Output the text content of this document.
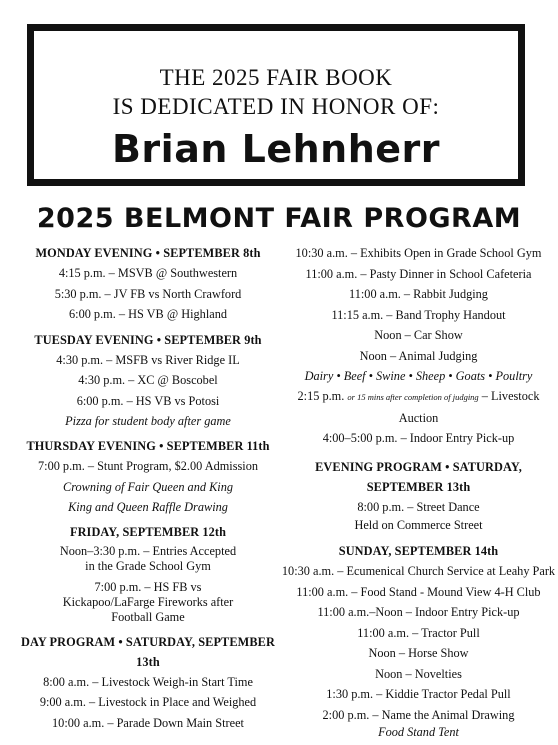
THE 2025 FAIR BOOK
IS DEDICATED IN HONOR OF:
Brian Lehnherr
2025 BELMONT FAIR PROGRAM
MONDAY EVENING • SEPTEMBER 8th
4:15 p.m. – MSVB @ Southwestern
5:30 p.m. – JV FB vs North Crawford
6:00 p.m. – HS VB @ Highland
TUESDAY EVENING • SEPTEMBER 9th
4:30 p.m. – MSFB vs River Ridge IL
4:30 p.m. – XC @ Boscobel
6:00 p.m. – HS VB vs Potosi
Pizza for student body after game
THURSDAY EVENING • SEPTEMBER 11th
7:00 p.m. – Stunt Program, $2.00 Admission
Crowning of Fair Queen and King
King and Queen Raffle Drawing
FRIDAY, SEPTEMBER 12th
Noon–3:30 p.m. – Entries Accepted in the Grade School Gym
7:00 p.m. – HS FB vs Kickapoo/LaFarge Fireworks after Football Game
DAY PROGRAM • SATURDAY, SEPTEMBER 13th
8:00 a.m. – Livestock Weigh-in Start Time
9:00 a.m. – Livestock in Place and Weighed
10:00 a.m. – Parade Down Main Street
10:30 a.m. – Exhibits Open in Grade School Gym
11:00 a.m. – Pasty Dinner in School Cafeteria
11:00 a.m. – Rabbit Judging
11:15 a.m. – Band Trophy Handout
Noon – Car Show
Noon – Animal Judging
Dairy • Beef • Swine • Sheep • Goats • Poultry
2:15 p.m. or 15 mins after completion of judging – Livestock Auction
4:00–5:00 p.m. – Indoor Entry Pick-up
EVENING PROGRAM • SATURDAY, SEPTEMBER 13th
8:00 p.m. – Street Dance
Held on Commerce Street
SUNDAY, SEPTEMBER 14th
10:30 a.m. – Ecumenical Church Service at Leahy Park
11:00 a.m. – Food Stand - Mound View 4-H Club
11:00 a.m.–Noon – Indoor Entry Pick-up
11:00 a.m. – Tractor Pull
Noon – Horse Show
Noon – Novelties
1:30 p.m. – Kiddie Tractor Pedal Pull
2:00 p.m. – Name the Animal Drawing
Food Stand Tent
